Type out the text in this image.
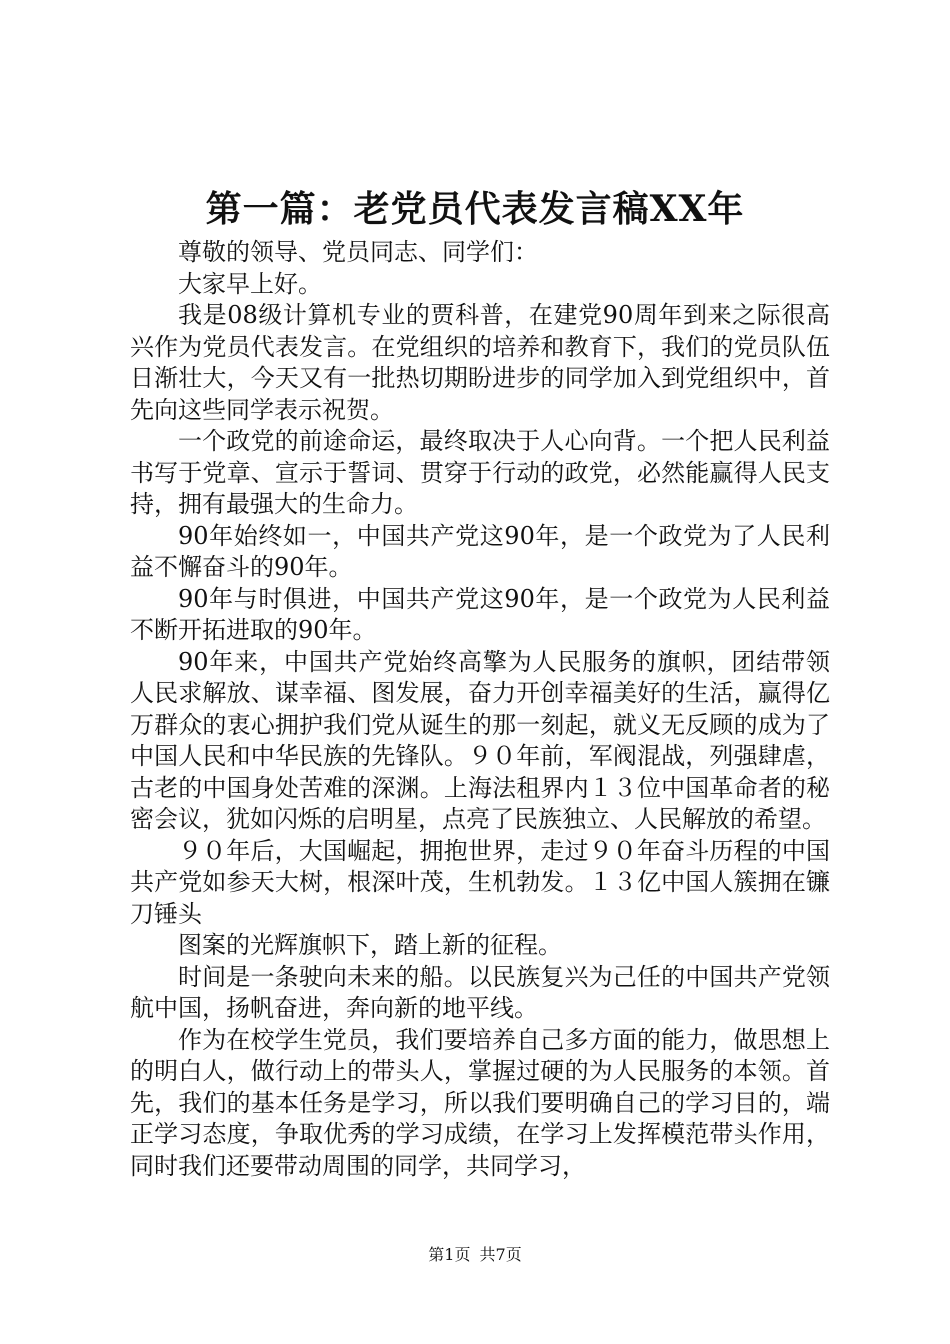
第一篇：老党员代表发言稿XX年

尊敬的领导、党员同志、同学们：

大家早上好。

我是08级计算机专业的贾科普，在建党90周年到来之际很高兴作为党员代表发言。在党组织的培养和教育下，我们的党员队伍日渐壮大，今天又有一批热切期盼进步的同学加入到党组织中，首先向这些同学表示祝贺。

一个政党的前途命运，最终取决于人心向背。一个把人民利益书写于党章、宣示于誓词、贯穿于行动的政党，必然能赢得人民支持，拥有最强大的生命力。

90年始终如一，中国共产党这90年，是一个政党为了人民利益不懈奋斗的90年。

90年与时俱进，中国共产党这90年，是一个政党为人民利益不断开拓进取的90年。

90年来，中国共产党始终高擎为人民服务的旗帜，团结带领人民求解放、谋幸福、图发展，奋力开创幸福美好的生活，赢得亿万群众的衷心拥护我们党从诞生的那一刻起，就义无反顾的成为了中国人民和中华民族的先锋队。９０年前，军阀混战，列强肆虐，古老的中国身处苦难的深渊。上海法租界内１３位中国革命者的秘密会议，犹如闪烁的启明星，点亮了民族独立、人民解放的希望。

９０年后，大国崛起，拥抱世界，走过９０年奋斗历程的中国共产党如参天大树，根深叶茂，生机勃发。１３亿中国人簇拥在镰刀锤头

图案的光辉旗帜下，踏上新的征程。

时间是一条驶向未来的船。以民族复兴为己任的中国共产党领航中国，扬帆奋进，奔向新的地平线。

作为在校学生党员，我们要培养自己多方面的能力，做思想上的明白人，做行动上的带头人，掌握过硬的为人民服务的本领。首先，我们的基本任务是学习，所以我们要明确自己的学习目的，端正学习态度，争取优秀的学习成绩，在学习上发挥模范带头作用，同时我们还要带动周围的同学，共同学习，

第1页 共7页
